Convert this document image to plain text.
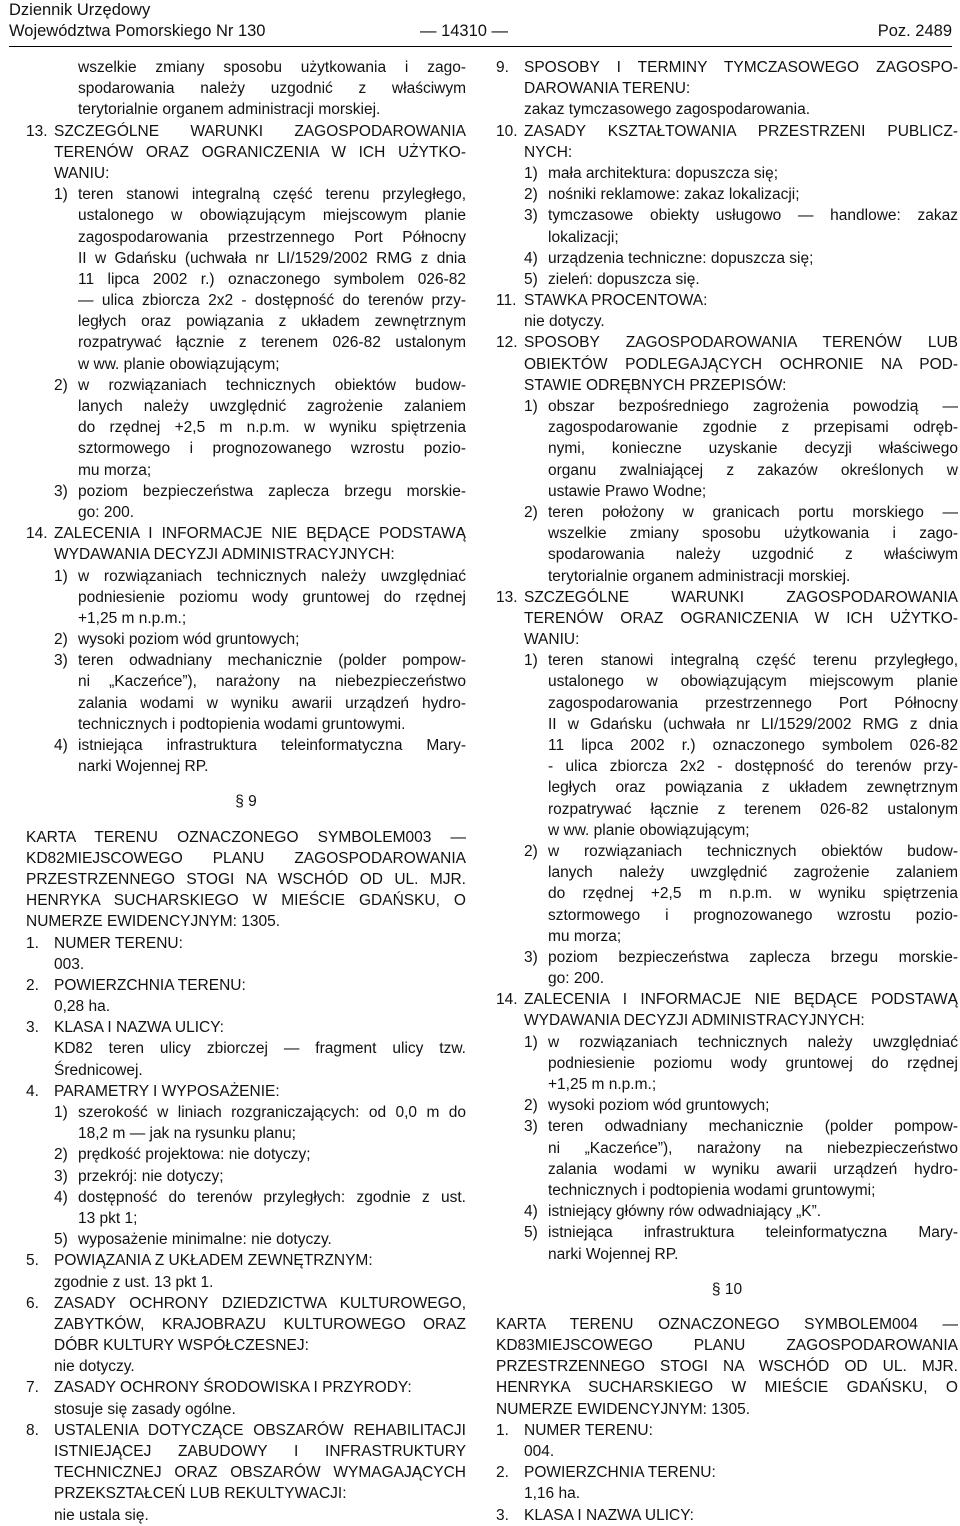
Dziennik Urzędowy
Województwa Pomorskiego Nr 130	— 14310 —	Poz. 2489
wszelkie zmiany sposobu użytkowania i zago-
spodarowania należy uzgodnić z właściwym
terytorialnie organem administracji morskiej.
13. SZCZEGÓLNE WARUNKI ZAGOSPODAROWANIA
TERENÓW ORAZ OGRANICZENIA W ICH UŻYTKO-
WANIU:
1) teren stanowi integralną część terenu przyległego,
ustalonego w obowiązującym miejscowym planie
zagospodarowania przestrzennego Port Północny
II w Gdańsku (uchwała nr LI/1529/2002 RMG z dnia
11 lipca 2002 r.) oznaczonego symbolem 026-82
— ulica zbiorcza 2x2 - dostępność do terenów przy-
ległych oraz powiązania z układem zewnętrznym
rozpatrywać łącznie z terenem 026-82 ustalonym
w ww. planie obowiązującym;
2) w rozwiązaniach technicznych obiektów budow-
lanych należy uwzględnić zagrożenie zalaniem
do rzędnej +2,5 m n.p.m. w wyniku spiętrzenia
sztormowego i prognozowanego wzrostu pozio-
mu morza;
3) poziom bezpieczeństwa zaplecza brzegu morskie-
go: 200.
14. ZALECENIA I INFORMACJE NIE BĘDĄCE PODSTAWĄ
WYDAWANIA DECYZJI ADMINISTRACYJNYCH:
1) w rozwiązaniach technicznych należy uwzględniać
podniesienie poziomu wody gruntowej do rzędnej
+1,25 m n.p.m.;
2) wysoki poziom wód gruntowych;
3) teren odwadniany mechanicznie (polder pompow-
ni „Kaczeńce”), narażony na niebezpieczeństwo
zalania wodami w wyniku awarii urządzeń hydro-
technicznych i podtopienia wodami gruntowymi.
4) istniejąca infrastruktura teleinformatyczna Mary-
narki Wojennej RP.
§ 9
KARTA TERENU OZNACZONEGO SYMBOLEM003 —
KD82MIEJSCOWEGO PLANU ZAGOSPODAROWANIA
PRZESTRZENNEGO STOGI NA WSCHÓD OD UL. MJR.
HENRYKA SUCHARSKIEGO W MIEŚCIE GDAŃSKU, O
NUMERZE EWIDENCYJNYM: 1305.
1. NUMER TERENU:
003.
2. POWIERZCHNIA TERENU:
0,28 ha.
3. KLASA I NAZWA ULICY:
KD82 teren ulicy zbiorczej — fragment ulicy tzw.
Średnicowej.
4. PARAMETRY I WYPOSAŻENIE:
1) szerokość w liniach rozgraniczających: od 0,0 m do
18,2 m — jak na rysunku planu;
2) prędkość projektowa: nie dotyczy;
3) przekrój: nie dotyczy;
4) dostępność do terenów przyległych: zgodnie z ust.
13 pkt 1;
5) wyposażenie minimalne: nie dotyczy.
5. POWIĄZANIA Z UKŁADEM ZEWNĘTRZNYM:
zgodnie z ust. 13 pkt 1.
6. ZASADY OCHRONY DZIEDZICTWA KULTUROWEGO,
ZABYTKÓW, KRAJOBRAZU KULTUROWEGO ORAZ
DÓBR KULTURY WSPÓŁCZESNEJ:
nie dotyczy.
7. ZASADY OCHRONY ŚRODOWISKA I PRZYRODY:
stosuje się zasady ogólne.
8. USTALENIA DOTYCZĄCE OBSZARÓW REHABILITACJI
ISTNIEJĄCEJ ZABUDOWY I INFRASTRUKTURY
TECHNICZNEJ ORAZ OBSZARÓW WYMAGAJĄCYCH
PRZEKSZTAŁCEŃ LUB REKULTYWACJI:
nie ustala się.
9. SPOSOBY I TERMINY TYMCZASOWEGO ZAGOSPO-
DAROWANIA TERENU:
zakaz tymczasowego zagospodarowania.
10. ZASADY KSZTAŁTOWANIA PRZESTRZENI PUBLICZ-
NYCH:
1) mała architektura: dopuszcza się;
2) nośniki reklamowe: zakaz lokalizacji;
3) tymczasowe obiekty usługowo — handlowe: zakaz
lokalizacji;
4) urządzenia techniczne: dopuszcza się;
5) zieleń: dopuszcza się.
11. STAWKA PROCENTOWA:
nie dotyczy.
12. SPOSOBY ZAGOSPODAROWANIA TERENÓW LUB
OBIEKTÓW PODLEGAJĄCYCH OCHRONIE NA POD-
STAWIE ODRĘBNYCH PRZEPISÓW:
1) obszar bezpośredniego zagrożenia powodzią —
zagospodarowanie zgodnie z przepisami odręb-
nymi, konieczne uzyskanie decyzji właściwego
organu zwalniającej z zakazów określonych w
ustawie Prawo Wodne;
2) teren położony w granicach portu morskiego —
wszelkie zmiany sposobu użytkowania i zago-
spodarowania należy uzgodnić z właściwym
terytorialnie organem administracji morskiej.
13. SZCZEGÓLNE WARUNKI ZAGOSPODAROWANIA
TERENÓW ORAZ OGRANICZENIA W ICH UŻYTKO-
WANIU:
1) teren stanowi integralną część terenu przyległego,
ustalonego w obowiązującym miejscowym planie
zagospodarowania przestrzennego Port Północny
II w Gdańsku (uchwała nr LI/1529/2002 RMG z dnia
11 lipca 2002 r.) oznaczonego symbolem 026-82
- ulica zbiorcza 2x2 - dostępność do terenów przy-
ległych oraz powiązania z układem zewnętrznym
rozpatrywać łącznie z terenem 026-82 ustalonym
w ww. planie obowiązującym;
2) w rozwiązaniach technicznych obiektów budow-
lanych należy uwzględnić zagrożenie zalaniem
do rzędnej +2,5 m n.p.m. w wyniku spiętrzenia
sztormowego i prognozowanego wzrostu pozio-
mu morza;
3) poziom bezpieczeństwa zaplecza brzegu morskie-
go: 200.
14. ZALECENIA I INFORMACJE NIE BĘDĄCE PODSTAWĄ
WYDAWANIA DECYZJI ADMINISTRACYJNYCH:
1) w rozwiązaniach technicznych należy uwzględniać
podniesienie poziomu wody gruntowej do rzędnej
+1,25 m n.p.m.;
2) wysoki poziom wód gruntowych;
3) teren odwadniany mechanicznie (polder pompow-
ni „Kaczeńce”), narażony na niebezpieczeństwo
zalania wodami w wyniku awarii urządzeń hydro-
technicznych i podtopienia wodami gruntowymi;
4) istniejący główny rów odwadniający „K”.
5) istniejąca infrastruktura teleinformatyczna Mary-
narki Wojennej RP.
§ 10
KARTA TERENU OZNACZONEGO SYMBOLEM004 —
KD83MIEJSCOWEGO PLANU ZAGOSPODAROWANIA
PRZESTRZENNEGO STOGI NA WSCHÓD OD UL. MJR.
HENRYKA SUCHARSKIEGO W MIEŚCIE GDAŃSKU, O
NUMERZE EWIDENCYJNYM: 1305.
1. NUMER TERENU:
004.
2. POWIERZCHNIA TERENU:
1,16 ha.
3. KLASA I NAZWA ULICY:
